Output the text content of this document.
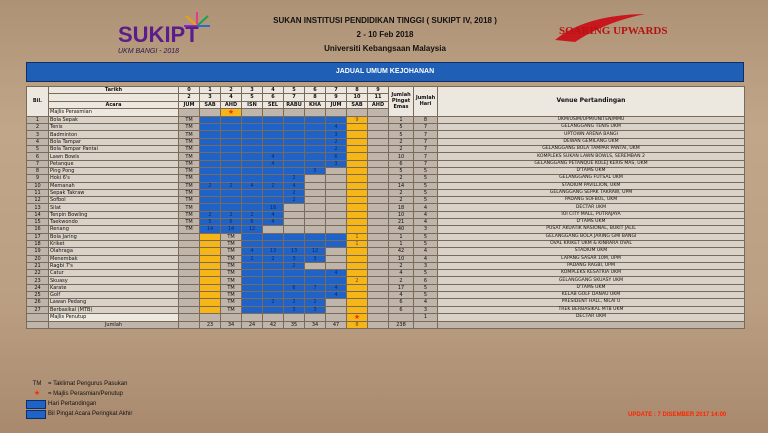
SUKIPT
UKM BANGI - 2018
SUKAN INSTITUSI PENDIDIKAN TINGGI ( SUKIPT IV, 2018 )
2 - 10 Feb 2018
Universiti Kebangsaan Malaysia
SOARING UPWARDS
JADUAL UMUM KEJOHANAN
Bil.	Tarikh	0	1	2	3	4	5	6	7	8	9	Jumlah Pingat Emas	Jumlah Hari	Venue Pertandingan	
		2	3	4	5	6	7	8	9	10	11				
	Acara	JUM	SAB	AHD	ISN	SEL	RABU	KHA	JUM	SAB	AHD				
	Majlis Perasmian			★										
1	Bola Sepak	TM								9		1	8	UKM/USIM/UPM/UNITEN/MMU	
2	Tenis	TM							4			5	7	GELANGGANG TENIS UKM	
3	Badminton	TM							3			5	7	UPTOWN ARENA BANGI	
4	Bola Tampar	TM							2			2	7	DEWAN GEMILANG UKM	
5	Bola Tampar Pantai	TM							2			2	7	GELANGGANG BOLA TAMPAR PANTAI, UKM	
6	Lawn Bowls	TM				4			6			10	7	KOMPLEKS SUKAN LAWN BOWLS, SEREMBAN 2	
7	Petanque	TM				4			3			6	7	GELANGGANG PETANQUE KOLEJ KERIS MAS, UKM	
8	Ping Pong	TM						5				5	5	D'TAMS UKM	
9	Hoki 6's	TM					2					2	5	GELANGGANG FUTSAL UKM	
10	Memanah	TM	2	2	4	2	4					14	5	STADIUM PAVILLION, UKM	
11	Sepak Takraw	TM					2					2	5	GELANGGANG SEPAK TAKRAW, UPM	
12	Sofbol	TM					2					2	5	PADANG SOFBOL, UKM	
13	Silat	TM				18						18	4	DECTAR UKM	
14	Tenpin Bowling	TM	2	2	2	4						10	4	IOI CITY MALL, PUTRAJAYA	
15	Taekwondo	TM	5	6	6	4						21	4	D'TAMS UKM	
16	Renang	TM	14	14	12							40	3	PUSAT AKUATIK NASIONAL, BUKIT JALIL	
17	Bola Jaring			TM						1		1	5	GELANGGANG BOLA JARING GMI BANGI	
18	Kriket			TM						1		1	5	OVAL KRIKET UKM & KINRARA OVAL	
19	Olahraga			TM	4	13	13	12				42	4	STADIUM UKM	
20	Menembak			TM	2	2	3	3				10	4	LAPANG SASAR 10M, UPM	
21	Ragbi 7's			TM			2					2	3	PADANG RAGBI, UPM	
22	Catur			TM					4			4	5	KOMPLEKS KESATRIA UKM	
23	Skuasy			TM						2		2	6	GELANGGANG SKUASY UKM	
24	Karate			TM			6	7	4			17	5	D'TAMS UKM	
25	Golf			TM					4			4	5	KELAB GOLF DANAU UKM	
26	Lawan Pedang			TM		2	2	2				6	4	PRESIDENT HALL, NILAI U	
27	Berbasikal (MTB)			TM			3	3				6	3	TREK BERBASIKAL MTB UKM	
	Majlis Penutup									★			1	DECTAR UKM	
	Jumlah		23	34	24	42	35	34	47	8		238			
TM	= Taklimat Pengurus Pasukan
★	= Majlis Perasmian/Penutup
Hari Pertandingan
Bil Pingat Acara Peringkat Akhir	UPDATE : 7 DISEMBER 2017 14:00
